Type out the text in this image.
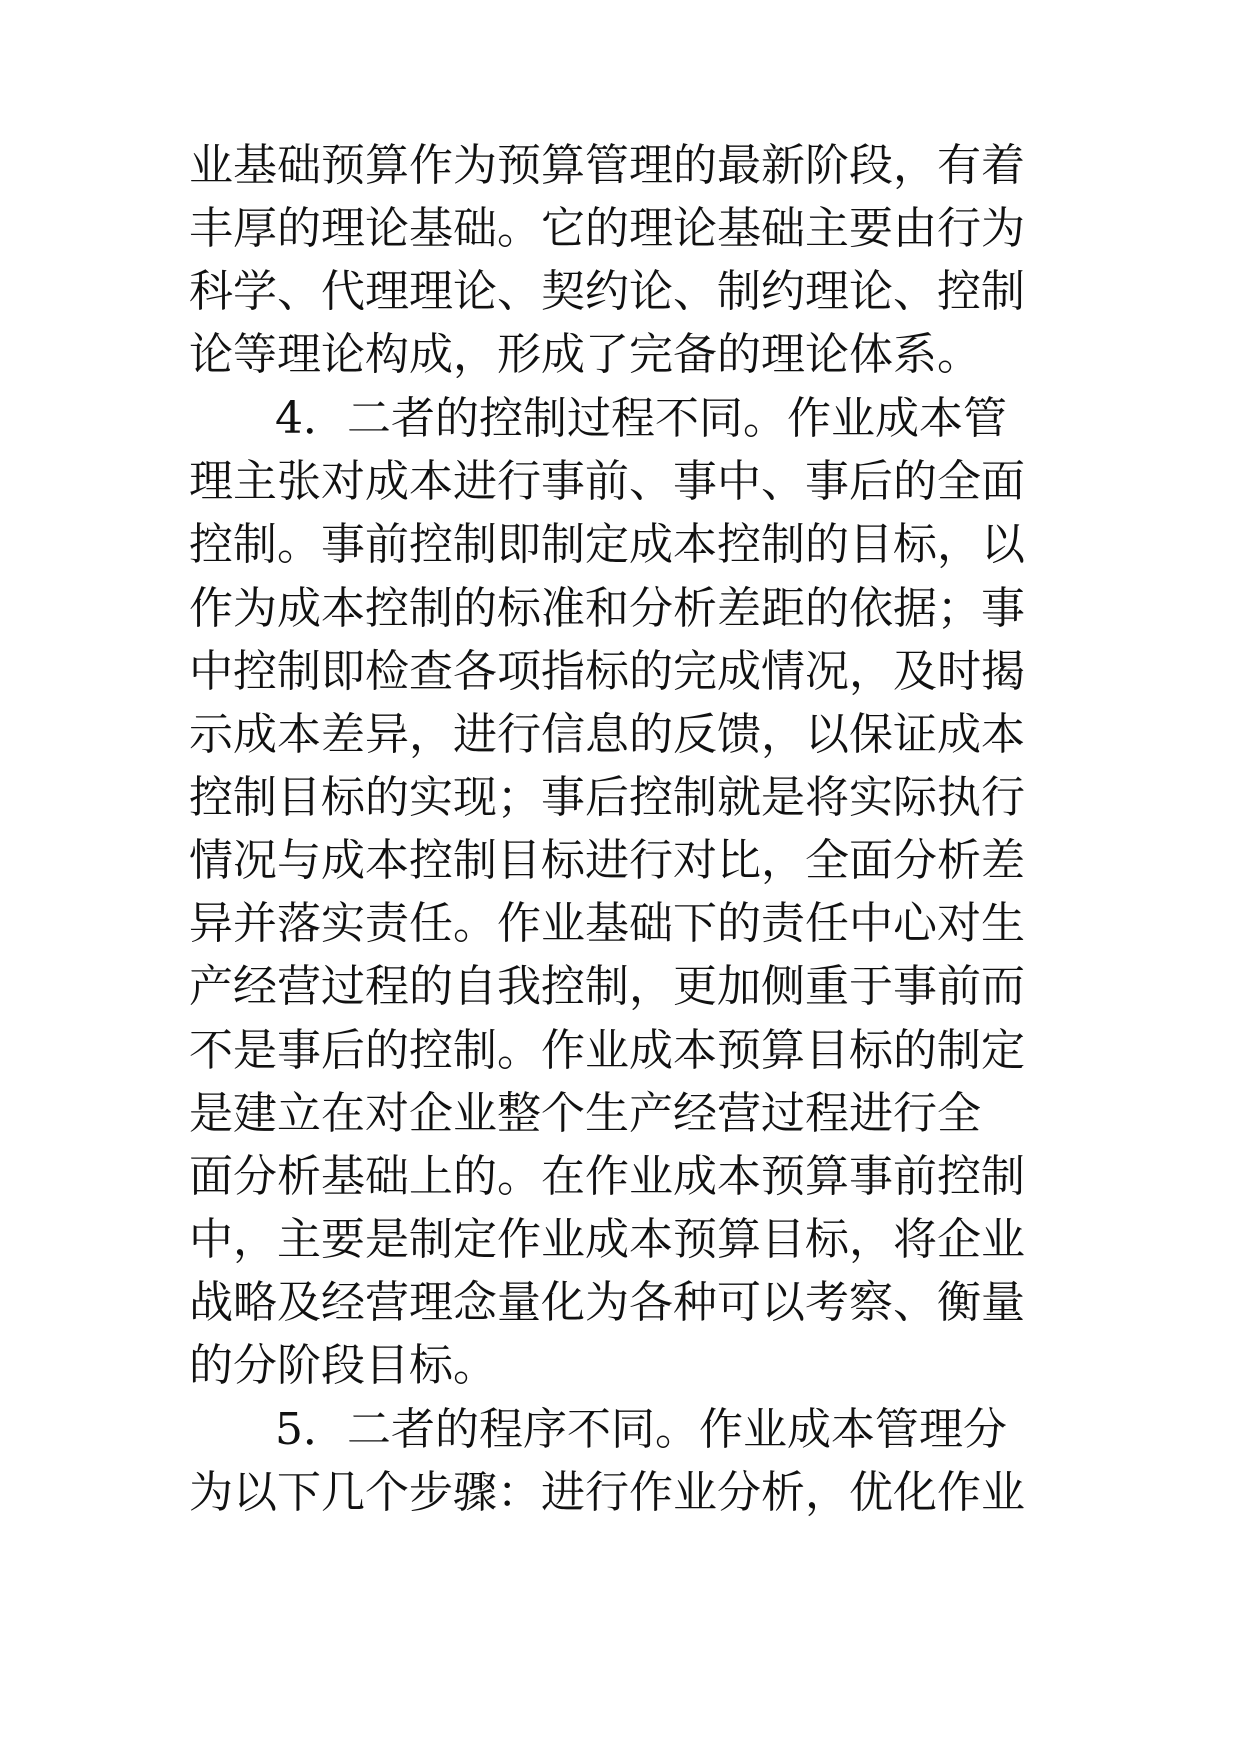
业基础预算作为预算管理的最新阶段，有着
丰厚的理论基础。它的理论基础主要由行为
科学、代理理论、契约论、制约理论、控制
论等理论构成，形成了完备的理论体系。
4．二者的控制过程不同。作业成本管
理主张对成本进行事前、事中、事后的全面
控制。事前控制即制定成本控制的目标，以
作为成本控制的标准和分析差距的依据；事
中控制即检查各项指标的完成情况，及时揭
示成本差异，进行信息的反馈，以保证成本
控制目标的实现；事后控制就是将实际执行
情况与成本控制目标进行对比，全面分析差
异并落实责任。作业基础下的责任中心对生
产经营过程的自我控制，更加侧重于事前而
不是事后的控制。作业成本预算目标的制定
是建立在对企业整个生产经营过程进行全
面分析基础上的。在作业成本预算事前控制
中，主要是制定作业成本预算目标，将企业
战略及经营理念量化为各种可以考察、衡量
的分阶段目标。
5．二者的程序不同。作业成本管理分
为以下几个步骤：进行作业分析，优化作业
